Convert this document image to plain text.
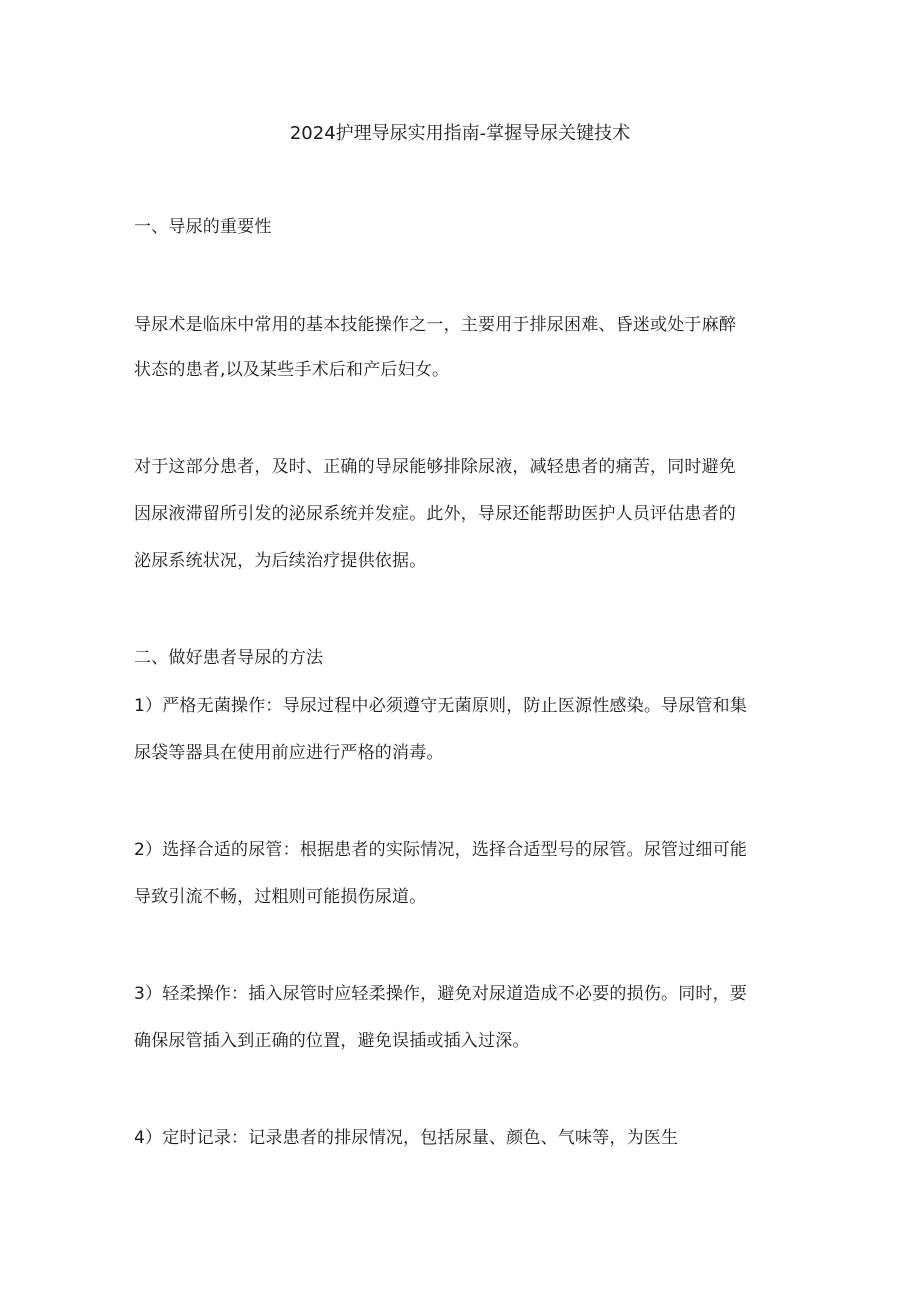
2024护理导尿实用指南-掌握导尿关键技术
一、导尿的重要性
导尿术是临床中常用的基本技能操作之一，主要用于排尿困难、昏迷或处于麻醉
状态的患者,以及某些手术后和产后妇女。
对于这部分患者，及时、正确的导尿能够排除尿液，减轻患者的痛苦，同时避免
因尿液滞留所引发的泌尿系统并发症。此外，导尿还能帮助医护人员评估患者的
泌尿系统状况，为后续治疗提供依据。
二、做好患者导尿的方法
1）严格无菌操作：导尿过程中必须遵守无菌原则，防止医源性感染。导尿管和集
尿袋等器具在使用前应进行严格的消毒。
2）选择合适的尿管：根据患者的实际情况，选择合适型号的尿管。尿管过细可能
导致引流不畅，过粗则可能损伤尿道。
3）轻柔操作：插入尿管时应轻柔操作，避免对尿道造成不必要的损伤。同时，要
确保尿管插入到正确的位置，避免误插或插入过深。
4）定时记录：记录患者的排尿情况，包括尿量、颜色、气味等，为医生
